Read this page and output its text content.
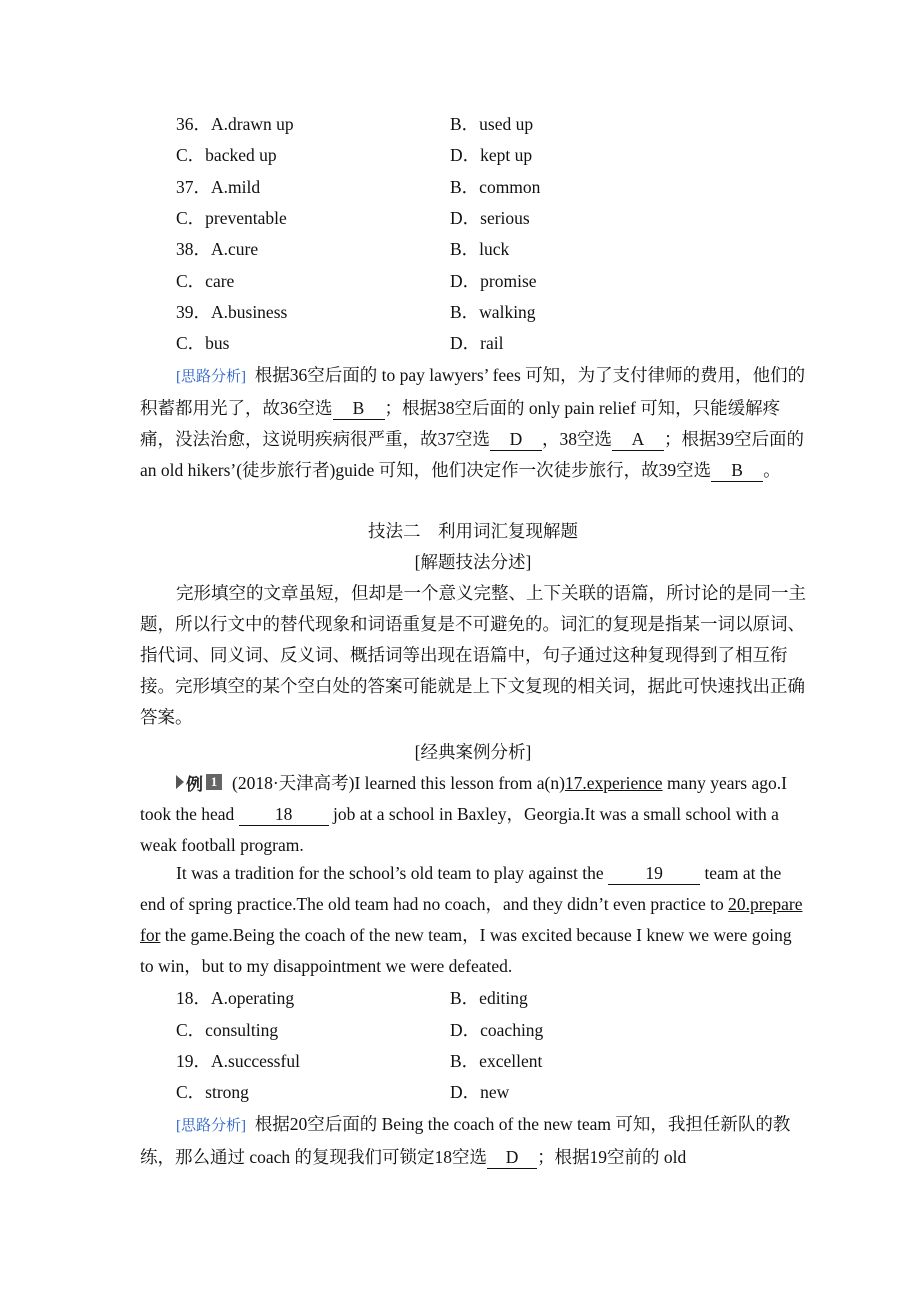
36．A.drawn up	B．used up
C．backed up	D．kept up
37．A.mild	B．common
C．preventable	D．serious
38．A.cure	B．luck
C．care	D．promise
39．A.business	B．walking
C．bus	D．rail
[思路分析] 根据36空后面的 to pay lawyers’ fees 可知，为了支付律师的费用，他们的积蓄都用光了，故36空选 B ；根据38空后面的 only pain relief 可知，只能缓解疼痛，没法治愈，这说明疾病很严重，故37空选 D ，38空选 A ；根据39空后面的 an old hikers’(徒步旅行者)guide 可知，他们决定作一次徒步旅行，故39空选 B 。
技法二　利用词汇复现解题
[解题技法分述]
完形填空的文章虽短，但却是一个意义完整、上下关联的语篇，所讨论的是同一主题，所以行文中的替代现象和词语重复是不可避免的。词汇的复现是指某一词以原词、指代词、同义词、反义词、概括词等出现在语篇中，句子通过这种复现得到了相互衔接。完形填空的某个空白处的答案可能就是上下文复现的相关词，据此可快速找出正确答案。
[经典案例分析]
例 1 (2018·天津高考)I learned this lesson from a(n)17.experience many years ago.I took the head 18 job at a school in Baxley，Georgia.It was a small school with a weak football program.
It was a tradition for the school’s old team to play against the 19 team at the end of spring practice.The old team had no coach，and they didn’t even practice to 20.prepare for the game.Being the coach of the new team，I was excited because I knew we were going to win，but to my disappointment we were defeated.
18．A.operating	B．editing
C．consulting	D．coaching
19．A.successful	B．excellent
C．strong	D．new
[思路分析] 根据20空后面的 Being the coach of the new team 可知，我担任新队的教练，那么通过 coach 的复现我们可锁定18空选 D ；根据19空前的 old
